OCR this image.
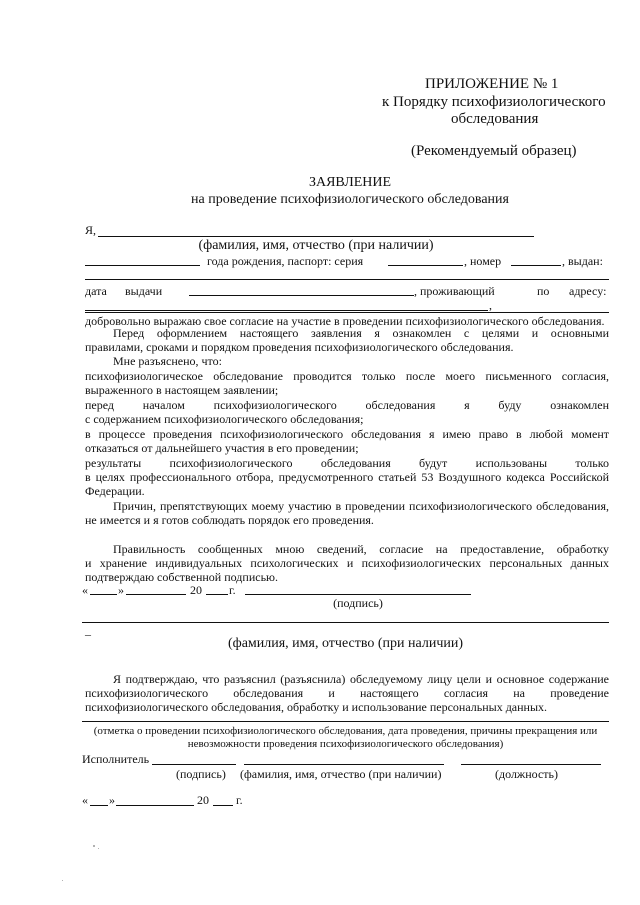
ПРИЛОЖЕНИЕ № 1
к Порядку психофизиологического
обследования
(Рекомендуемый образец)
ЗАЯВЛЕНИЕ
на проведение психофизиологического обследования
Я,
(фамилия, имя, отчество (при наличии)
года рождения, паспорт: серия	, номер	, выдан:
дата выдачи	, проживающий	по адресу:
,
добровольно выражаю свое согласие на участие в проведении психофизиологического обследования.
Перед оформлением настоящего заявления я ознакомлен с целями и основными
правилами, сроками и порядком проведения психофизиологического обследования.
Мне разъяснено, что:
психофизиологическое обследование проводится только после моего письменного согласия,
выраженного в настоящем заявлении;
перед началом психофизиологического обследования я буду ознакомлен
с содержанием психофизиологического обследования;
в процессе проведения психофизиологического обследования я имею право в любой момент
отказаться от дальнейшего участия в его проведении;
результаты психофизиологического обследования будут использованы только
в целях профессионального отбора, предусмотренного статьей 53 Воздушного кодекса Российской
Федерации.
Причин, препятствующих моему участию в проведении психофизиологического обследования,
не имеется и я готов соблюдать порядок его проведения.
Правильность сообщенных мною сведений, согласие на предоставление, обработку
и хранение индивидуальных психологических и психофизиологических персональных данных
подтверждаю собственной подписью.
«	»	20 г.
(подпись)
–
(фамилия, имя, отчество (при наличии)
Я подтверждаю, что разъяснил (разъяснила) обследуемому лицу цели и основное содержание
психофизиологического обследования и настоящего согласия на проведение
психофизиологического обследования, обработку и использование персональных данных.
(отметка о проведении психофизиологического обследования, дата проведения, причины прекращения или
невозможности проведения психофизиологического обследования)
Исполнитель
(подпись) (фамилия, имя, отчество (при наличии)	(должность)
« »	20 г.
